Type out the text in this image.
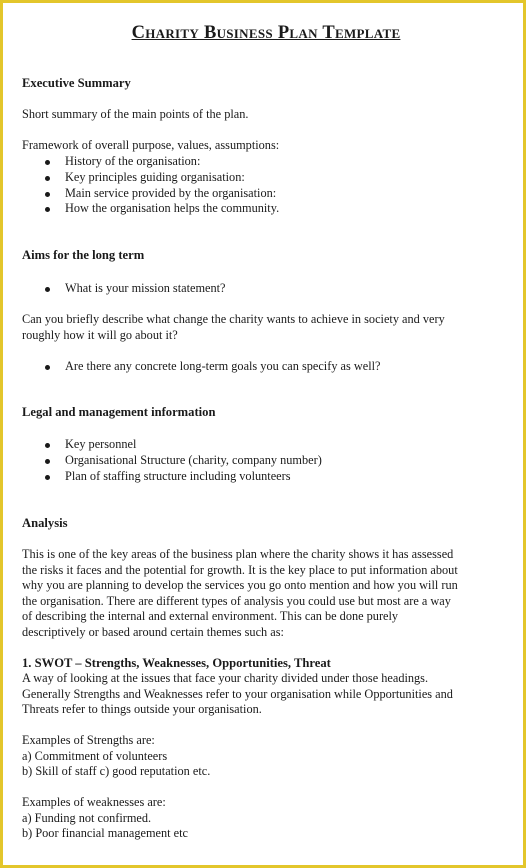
Charity Business Plan Template
Executive Summary
Short summary of the main points of the plan.
Framework of overall purpose, values, assumptions:
History of the organisation:
Key principles guiding organisation:
Main service provided by the organisation:
How the organisation helps the community.
Aims for the long term
What is your mission statement?
Can you briefly describe what change the charity wants to achieve in society and very
roughly how it will go about it?
Are there any concrete long-term goals you can specify as well?
Legal and management information
Key personnel
Organisational Structure (charity, company number)
Plan of staffing structure including volunteers
Analysis
This is one of the key areas of the business plan where the charity shows it has assessed
the risks it faces and the potential for growth. It is the key place to put information about
why you are planning to develop the services you go onto mention and how you will run
the organisation. There are different types of analysis you could use but most are a way
of describing the internal and external environment. This can be done purely
descriptively or based around certain themes such as:
1. SWOT – Strengths, Weaknesses, Opportunities, Threat
A way of looking at the issues that face your charity divided under those headings.
Generally Strengths and Weaknesses refer to your organisation while Opportunities and
Threats refer to things outside your organisation.
Examples of Strengths are:
a) Commitment of volunteers
b) Skill of staff c) good reputation etc.
Examples of weaknesses are:
a) Funding not confirmed.
b) Poor financial management etc
